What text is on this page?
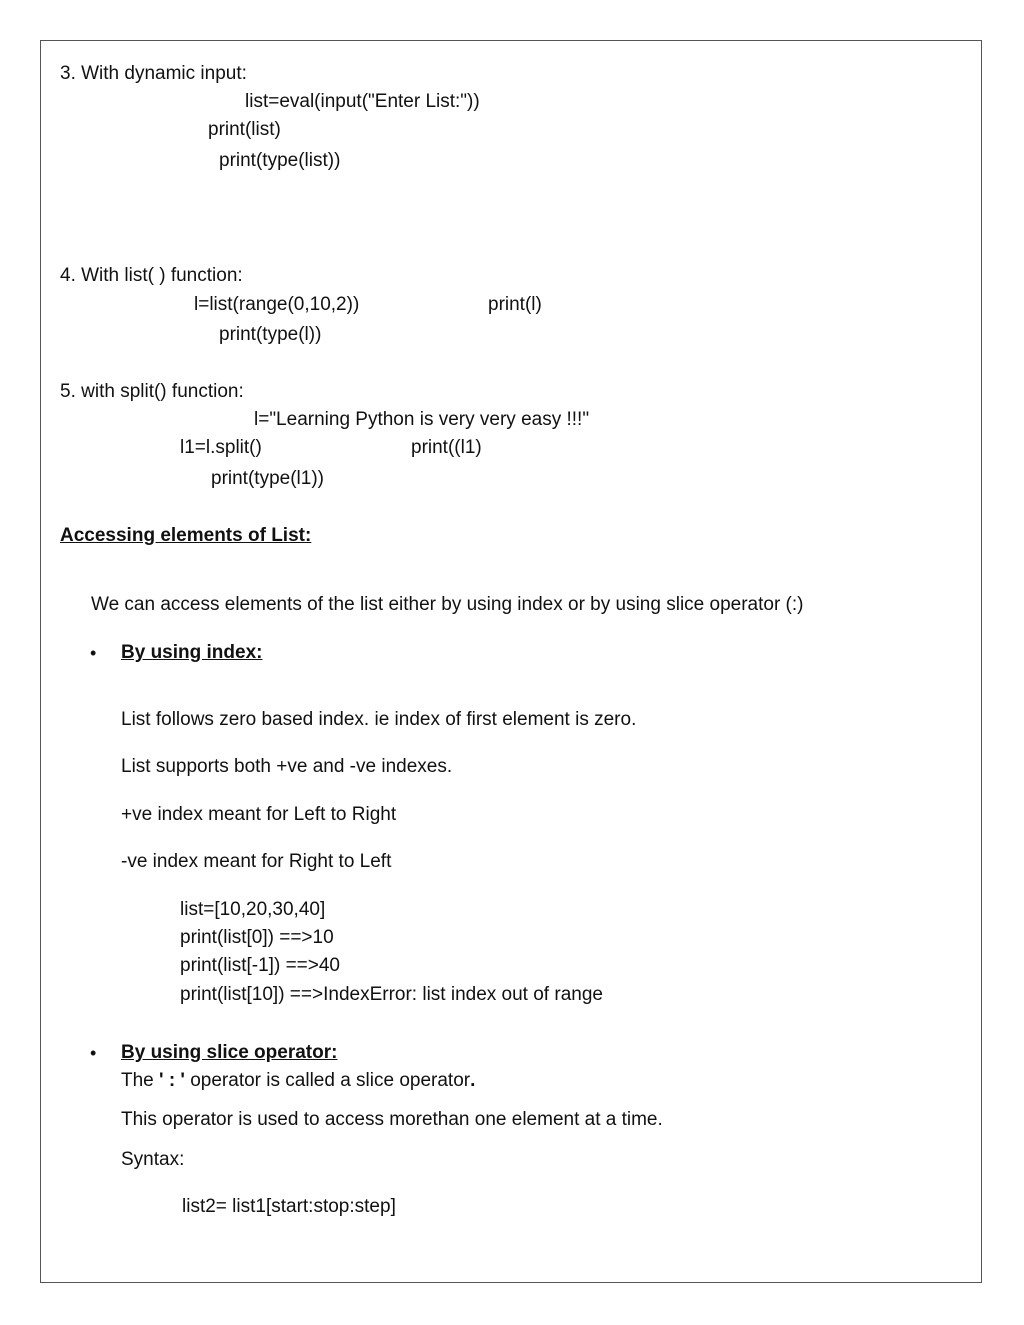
3. With dynamic input:
list=eval(input("Enter List:"))
print(list)
print(type(list))
4. With list( ) function:
l=list(range(0,10,2))	print(l)
print(type(l))
5. with split() function:
l="Learning Python is very very easy !!!"
l1=l.split()	print((l1)
print(type(l1))
Accessing elements of List:
We can access elements of the list either by using index or by using slice operator (:)
• By using index:
List follows zero based index. ie index of first element is zero.
List supports both +ve and -ve indexes.
+ve index meant for Left to Right
-ve index meant for Right to Left
list=[10,20,30,40]
print(list[0]) ==>10
print(list[-1]) ==>40
print(list[10]) ==>IndexError: list index out of range
• By using slice operator:
The ' : ' operator is called a slice operator.
This operator is used to access morethan one element at a time.
Syntax:
list2= list1[start:stop:step]
